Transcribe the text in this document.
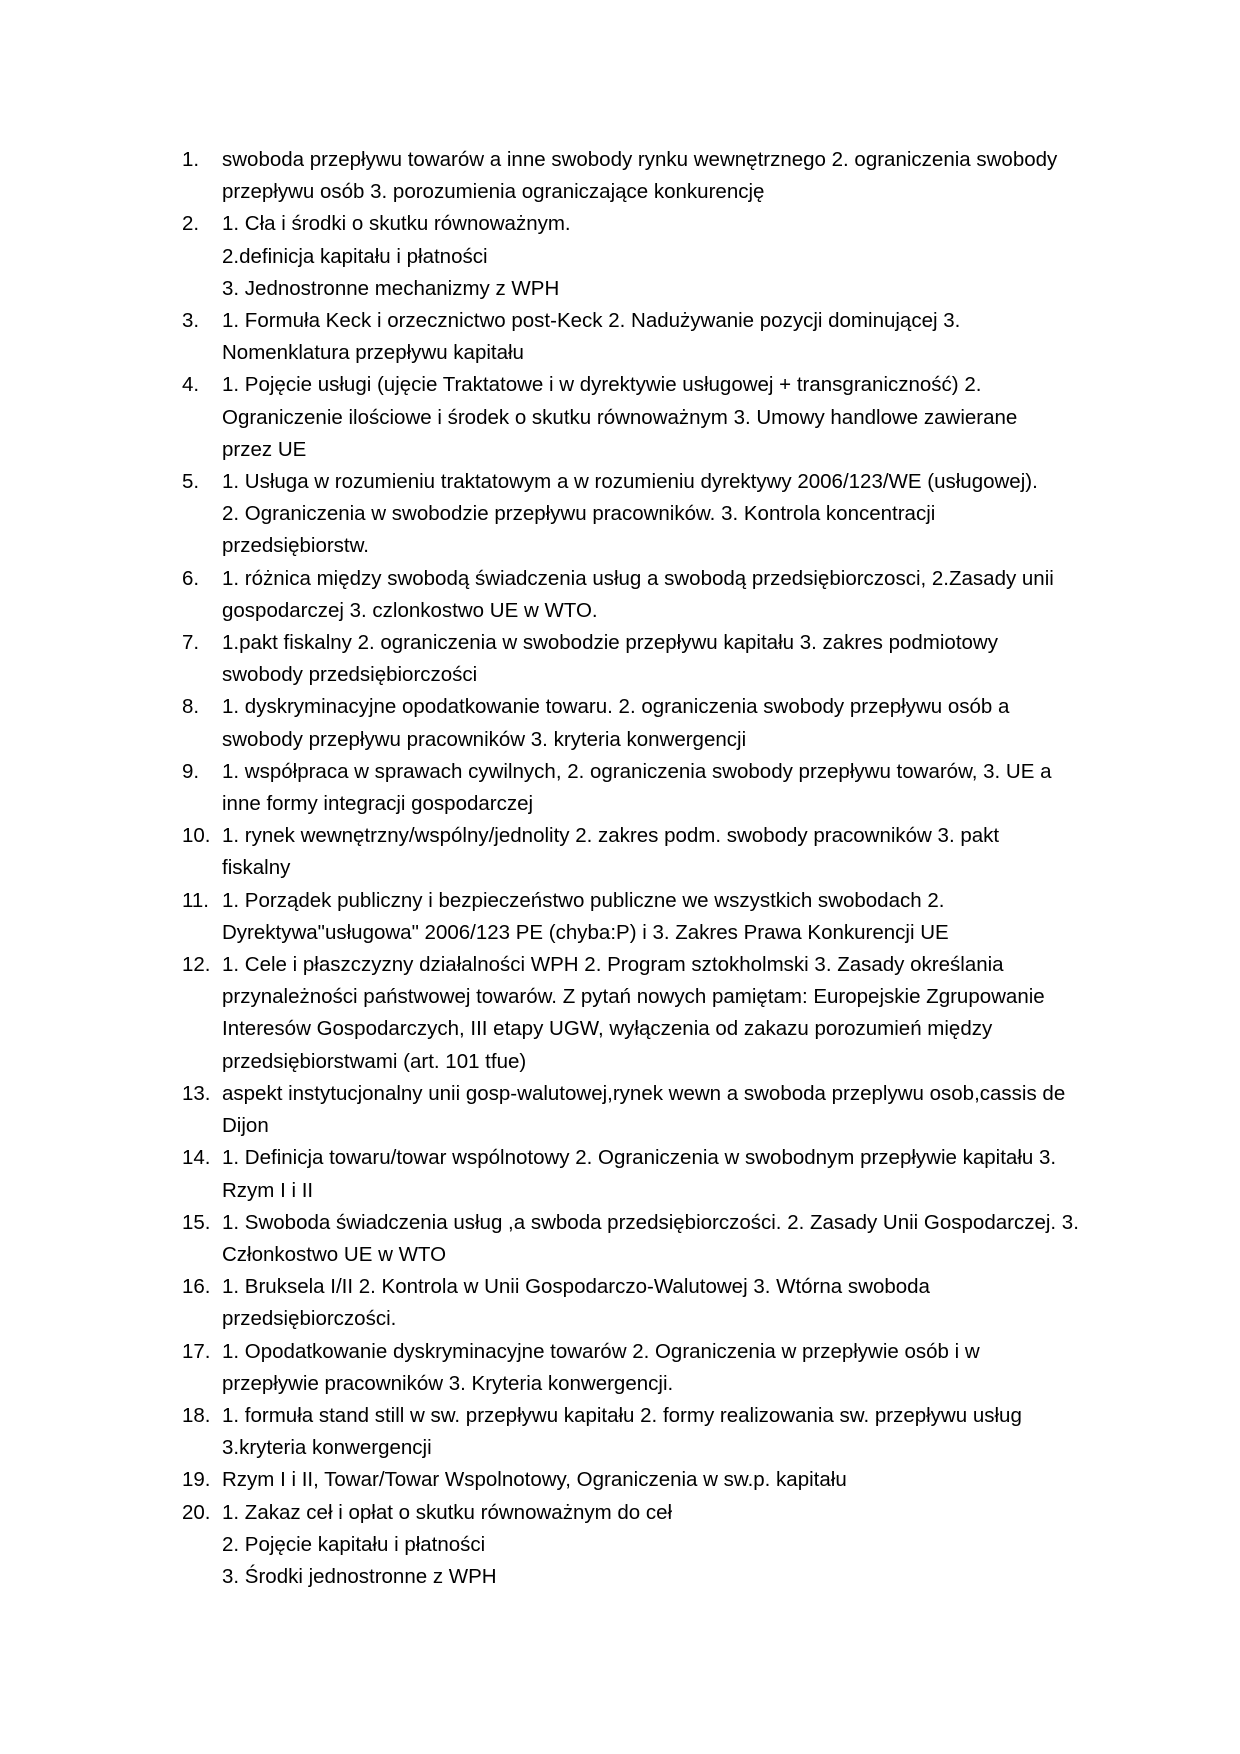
1.	swoboda przepływu towarów a inne swobody rynku wewnętrznego 2. ograniczenia swobody
przepływu osób 3. porozumienia ograniczające konkurencję
2.	1. Cła i środki o skutku równoważnym.
2.definicja kapitału i płatności
3. Jednostronne mechanizmy z WPH
3.	1. Formuła Keck i orzecznictwo post-Keck 2. Nadużywanie pozycji dominującej 3.
Nomenklatura przepływu kapitału
4.	1. Pojęcie usługi (ujęcie Traktatowe i w dyrektywie usługowej + transgraniczność) 2.
Ograniczenie ilościowe i środek o skutku równoważnym 3. Umowy handlowe zawierane
przez UE
5.	1. Usługa w rozumieniu traktatowym a w rozumieniu dyrektywy 2006/123/WE (usługowej).
2. Ograniczenia w swobodzie przepływu pracowników. 3. Kontrola koncentracji
przedsiębiorstw.
6.	1. różnica między swobodą świadczenia usług a swobodą przedsiębiorczosci, 2.Zasady unii
gospodarczej 3. czlonkostwo UE w WTO.
7.	1.pakt fiskalny 2. ograniczenia w swobodzie przepływu kapitału 3. zakres podmiotowy
swobody przedsiębiorczości
8.	1. dyskryminacyjne opodatkowanie towaru. 2. ograniczenia swobody przepływu osób a
swobody przepływu pracowników 3. kryteria konwergencji
9.	1. współpraca w sprawach cywilnych, 2. ograniczenia swobody przepływu towarów, 3. UE a
inne formy integracji gospodarczej
10. 1. rynek wewnętrzny/wspólny/jednolity 2. zakres podm. swobody pracowników 3. pakt
fiskalny
11. 1. Porządek publiczny i bezpieczeństwo publiczne we wszystkich swobodach 2.
Dyrektywa"usługowa" 2006/123 PE (chyba:P) i 3. Zakres Prawa Konkurencji UE
12. 1. Cele i płaszczyzny działalności WPH 2. Program sztokholmski 3. Zasady określania
przynależności państwowej towarów. Z pytań nowych pamiętam: Europejskie Zgrupowanie
Interesów Gospodarczych, III etapy UGW, wyłączenia od zakazu porozumień między
przedsiębiorstwami (art. 101 tfue)
13. aspekt instytucjonalny unii gosp-walutowej,rynek wewn a swoboda przeplywu osob,cassis de
Dijon
14. 1. Definicja towaru/towar wspólnotowy 2. Ograniczenia w swobodnym przepływie kapitału 3.
Rzym I i II
15. 1. Swoboda świadczenia usług ,a swboda przedsiębiorczości. 2. Zasady Unii Gospodarczej. 3.
Członkostwo UE w WTO
16. 1. Bruksela I/II 2. Kontrola w Unii Gospodarczo-Walutowej 3. Wtórna swoboda
przedsiębiorczości.
17. 1. Opodatkowanie dyskryminacyjne towarów 2. Ograniczenia w przepływie osób i w
przepływie pracowników 3. Kryteria konwergencji.
18. 1. formuła stand still w sw. przepływu kapitału 2. formy realizowania sw. przepływu usług
3.kryteria konwergencji
19. Rzym I i II, Towar/Towar Wspolnotowy, Ograniczenia w sw.p. kapitału
20. 1. Zakaz ceł i opłat o skutku równoważnym do ceł
2. Pojęcie kapitału i płatności
3. Środki jednostronne z WPH
